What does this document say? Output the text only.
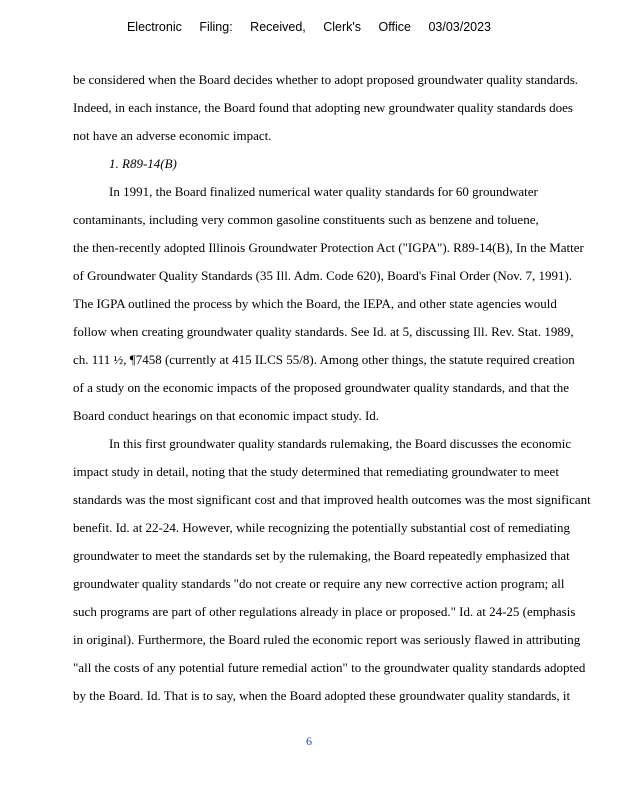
Electronic Filing: Received, Clerk's Office 03/03/2023
be considered when the Board decides whether to adopt proposed groundwater quality standards.
Indeed, in each instance, the Board found that adopting new groundwater quality standards does
not have an adverse economic impact.
1. R89-14(B)
In 1991, the Board finalized numerical water quality standards for 60 groundwater
contaminants, including very common gasoline constituents such as benzene and toluene,
the then-recently adopted Illinois Groundwater Protection Act ("IGPA"). R89-14(B), In the Matter
of Groundwater Quality Standards (35 Ill. Adm. Code 620), Board's Final Order (Nov. 7, 1991).
The IGPA outlined the process by which the Board, the IEPA, and other state agencies would
follow when creating groundwater quality standards. See Id. at 5, discussing Ill. Rev. Stat. 1989,
ch. 111 ½, ¶7458 (currently at 415 ILCS 55/8). Among other things, the statute required creation
of a study on the economic impacts of the proposed groundwater quality standards, and that the
Board conduct hearings on that economic impact study. Id.
In this first groundwater quality standards rulemaking, the Board discusses the economic
impact study in detail, noting that the study determined that remediating groundwater to meet
standards was the most significant cost and that improved health outcomes was the most significant
benefit. Id. at 22-24. However, while recognizing the potentially substantial cost of remediating
groundwater to meet the standards set by the rulemaking, the Board repeatedly emphasized that
groundwater quality standards "do not create or require any new corrective action program; all
such programs are part of other regulations already in place or proposed." Id. at 24-25 (emphasis
in original). Furthermore, the Board ruled the economic report was seriously flawed in attributing
"all the costs of any potential future remedial action" to the groundwater quality standards adopted
by the Board. Id. That is to say, when the Board adopted these groundwater quality standards, it
6
